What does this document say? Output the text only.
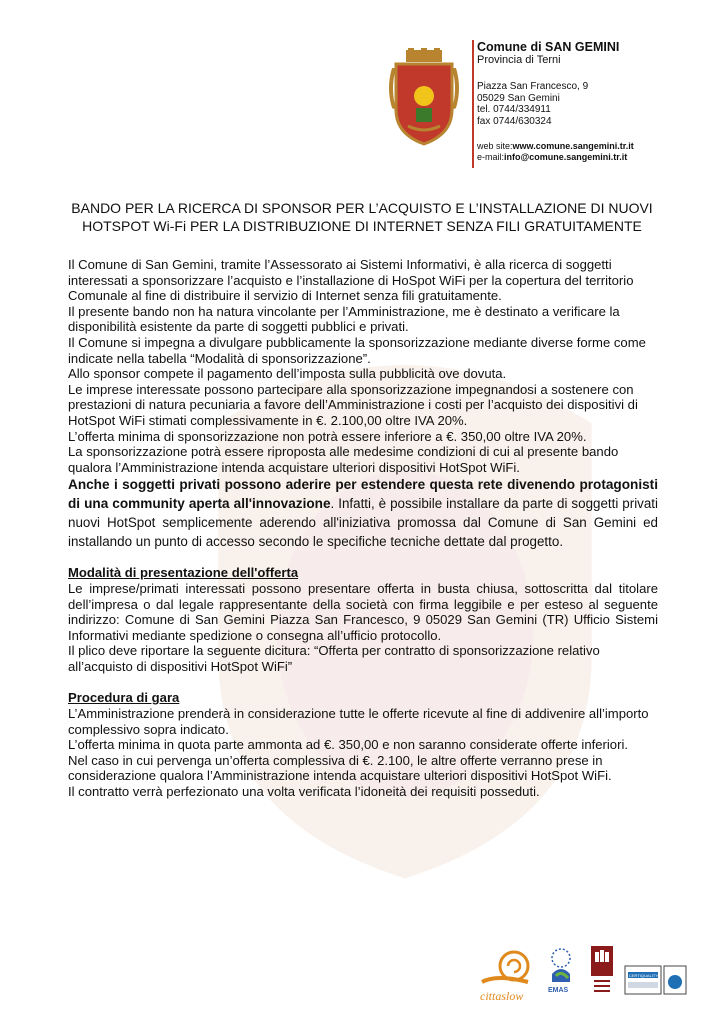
Comune di SAN GEMINI
Provincia di Terni
Piazza San Francesco, 9
05029 San Gemini
tel. 0744/334911
fax 0744/630324
web site:www.comune.sangemini.tr.it
e-mail:info@comune.sangemini.tr.it
BANDO PER LA RICERCA DI SPONSOR PER L’ACQUISTO E L’INSTALLAZIONE DI NUOVI
HOTSPOT Wi-Fi PER LA DISTRIBUZIONE DI INTERNET SENZA FILI GRATUITAMENTE

Il Comune di San Gemini, tramite l’Assessorato ai Sistemi Informativi, è alla ricerca di soggetti interessati a sponsorizzare l’acquisto e l’installazione di HoSpot WiFi per la copertura del territorio Comunale al fine di distribuire il servizio di Internet senza fili gratuitamente.

Il presente bando non ha natura vincolante per l’Amministrazione, me è destinato a verificare la disponibilità esistente da parte di soggetti pubblici e privati.

Il Comune si impegna a divulgare pubblicamente la sponsorizzazione mediante diverse forme come indicate nella tabella “Modalità di sponsorizzazione”.

Allo sponsor compete il pagamento dell’imposta sulla pubblicità ove dovuta.

Le imprese interessate possono partecipare alla sponsorizzazione impegnandosi a sostenere con prestazioni di natura pecuniaria a favore dell’Amministrazione i costi per l’acquisto dei dispositivi di HotSpot WiFi stimati complessivamente in €. 2.100,00 oltre IVA 20%.

L’offerta minima di sponsorizzazione non potrà essere inferiore a €. 350,00 oltre IVA 20%.

La sponsorizzazione potrà essere riproposta alle medesime condizioni di cui al presente bando qualora l’Amministrazione intenda acquistare ulteriori dispositivi HotSpot WiFi.

Anche i soggetti privati possono aderire per estendere questa rete divenendo protagonisti di una community aperta all'innovazione. Infatti, è possibile installare da parte di soggetti privati nuovi HotSpot semplicemente aderendo all'iniziativa promossa dal Comune di San Gemini ed installando un punto di accesso secondo le specifiche tecniche dettate dal progetto.

Modalità di presentazione dell'offerta

Le imprese/primati interessati possono presentare offerta in busta chiusa, sottoscritta dal titolare dell’impresa o dal legale rappresentante della società con firma leggibile e per esteso al seguente indirizzo: Comune di San Gemini Piazza San Francesco, 9 05029 San Gemini (TR) Ufficio Sistemi Informativi mediante spedizione o consegna all’ufficio protocollo.

Il plico deve riportare la seguente dicitura: “Offerta per contratto di sponsorizzazione relativo all’acquisto di dispositivi HotSpot WiFi”

Procedura di gara

L’Amministrazione prenderà in considerazione tutte le offerte ricevute al fine di addivenire all’importo complessivo sopra indicato.

L’offerta minima in quota parte ammonta ad €. 350,00 e non saranno considerate offerte inferiori.

Nel caso in cui pervenga un’offerta complessiva di €. 2.100, le altre offerte verranno prese in considerazione qualora l’Amministrazione intenda acquistare ulteriori dispositivi HotSpot WiFi.

Il contratto verrà perfezionato una volta verificata l’idoneità dei requisiti posseduti.

cittaslow	EMAS
CERTIQUALITY
